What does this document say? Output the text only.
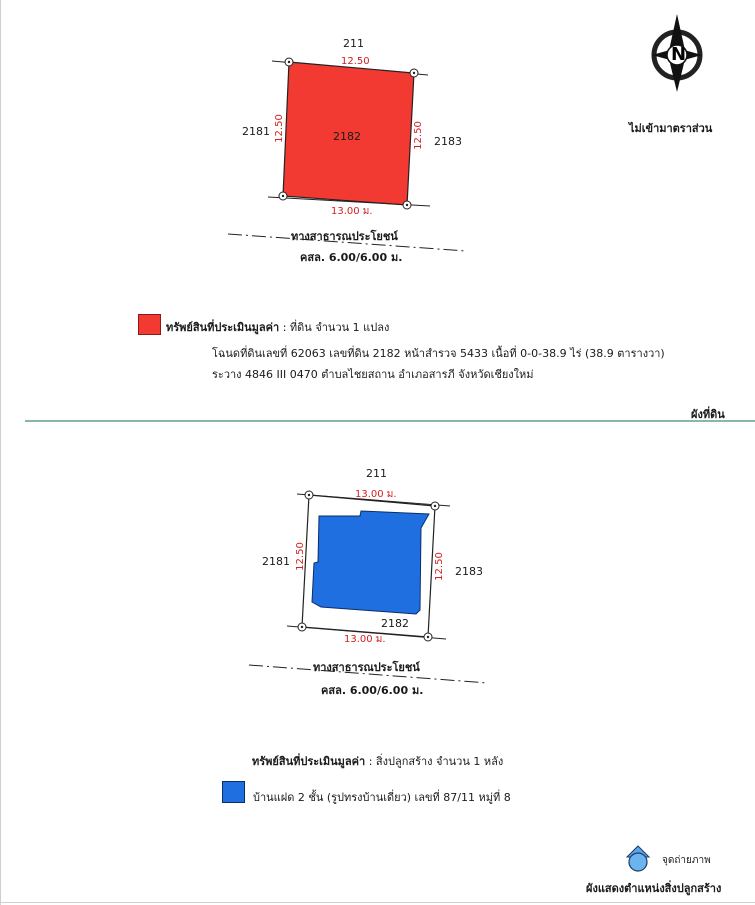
211
12.50
2181 12.50	2182	12.50 2183
13.00 ม.
ทางสาธารณประโยชน์
คสล. 6.00/6.00 ม.
ไม่เข้ามาตราส่วน
N
ทรัพย์สินที่ประเมินมูลค่า : ที่ดิน จำนวน 1 แปลง
โฉนดที่ดินเลขที่ 62063 เลขที่ดิน 2182 หน้าสำรวจ 5433 เนื้อที่ 0-0-38.9 ไร่ (38.9 ตารางวา)
ระวาง 4846 III 0470 ตำบลไชยสถาน อำเภอสารภี จังหวัดเชียงใหม่
ผังที่ดิน
211
13.00 ม.
2181 12.50	12.50 2183
2182
13.00 ม.
ทางสาธารณประโยชน์
คสล. 6.00/6.00 ม.
ทรัพย์สินที่ประเมินมูลค่า : สิ่งปลูกสร้าง จำนวน 1 หลัง
บ้านแฝด 2 ชั้น (รูปทรงบ้านเดี่ยว) เลขที่ 87/11 หมู่ที่ 8
จุดถ่ายภาพ
ผังแสดงตำแหน่งสิ่งปลูกสร้าง
